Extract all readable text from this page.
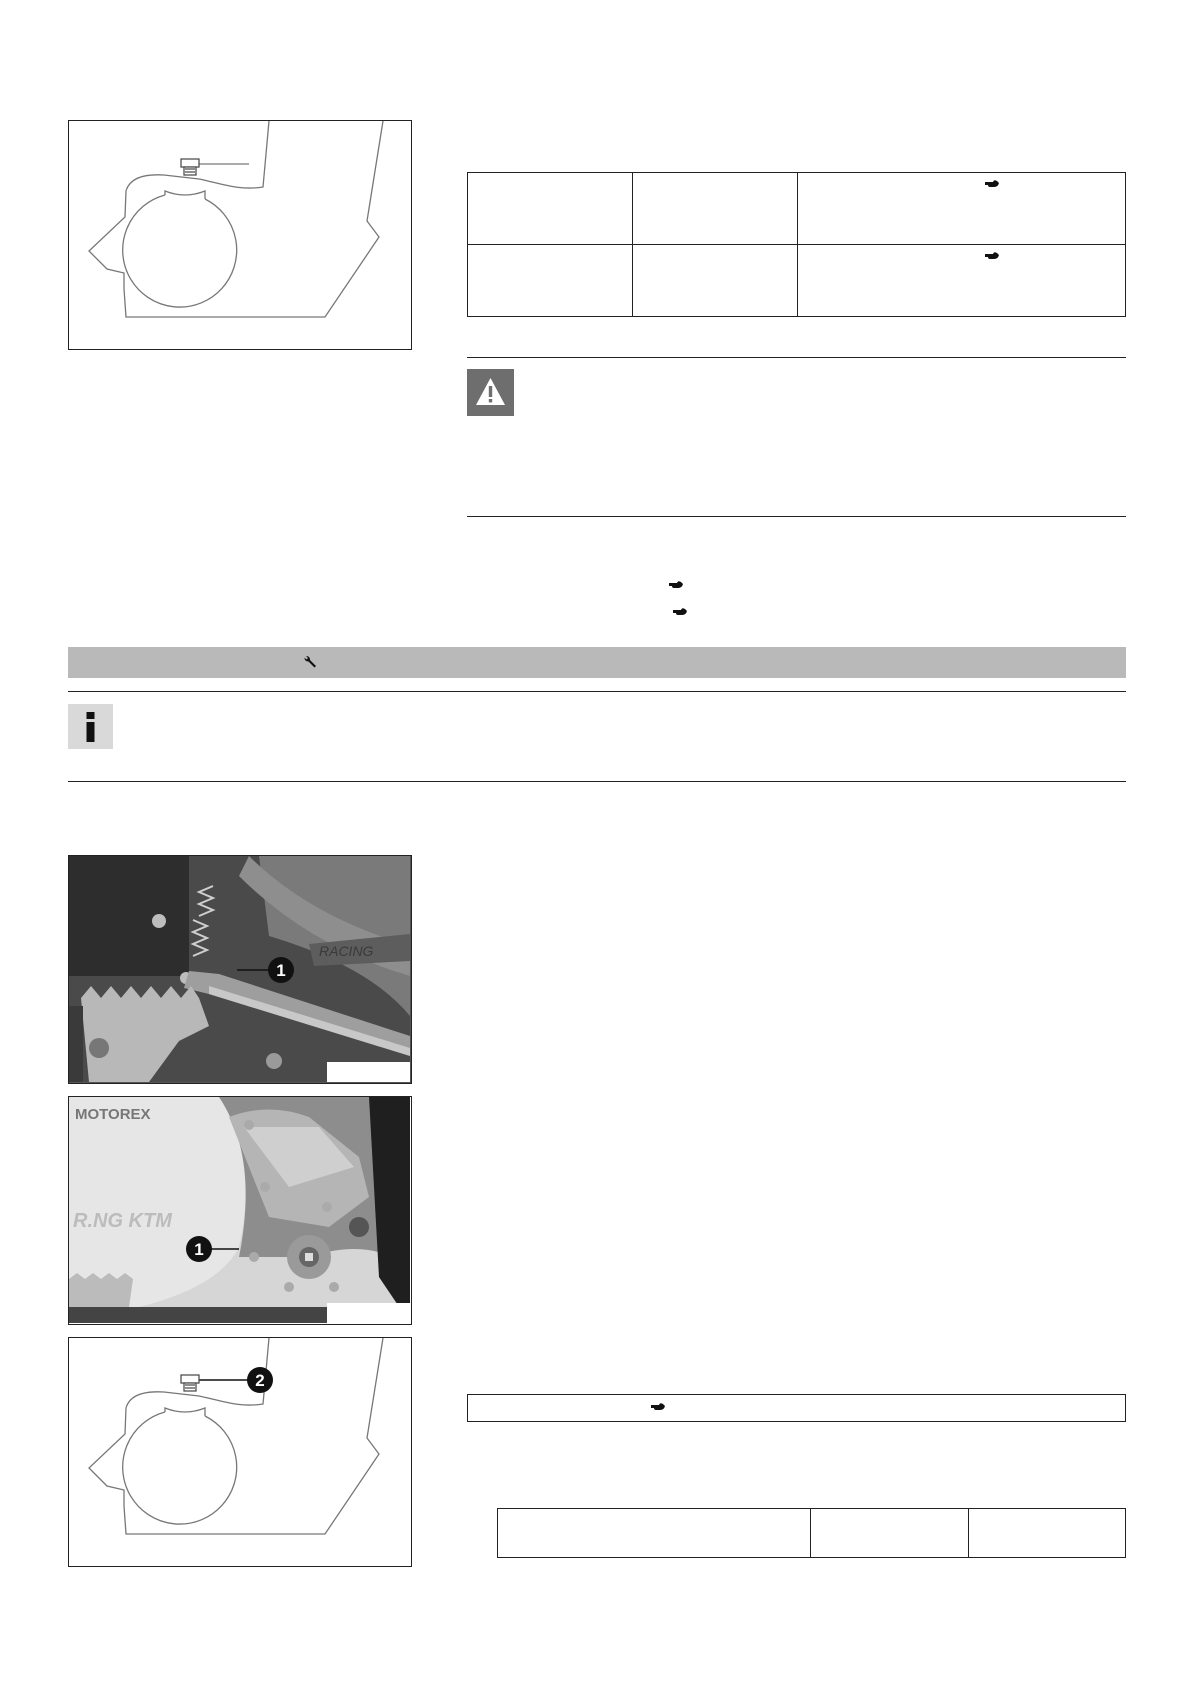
RACING
1
MOTOREX
R.NG KTM
1
2
